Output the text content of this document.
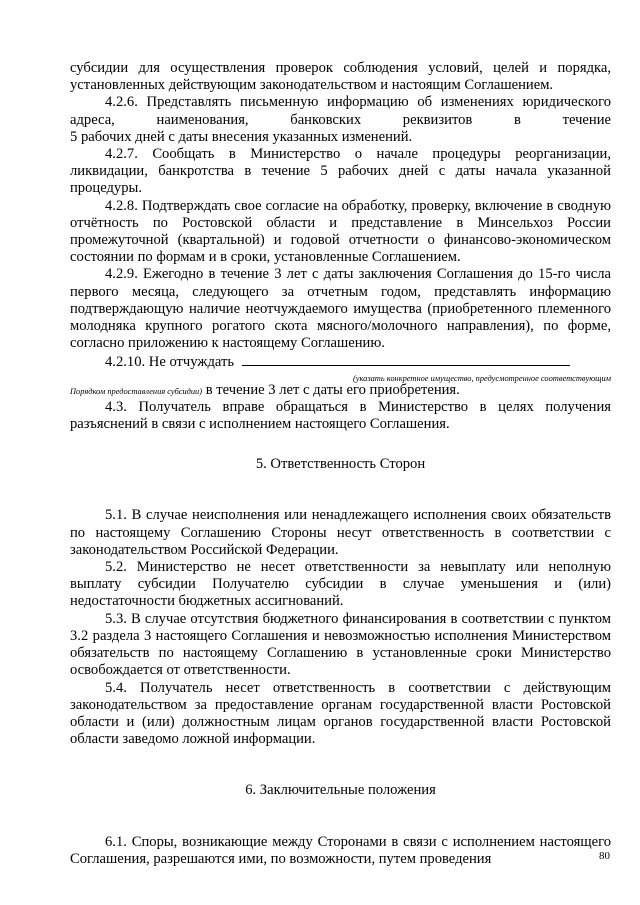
субсидии для осуществления проверок соблюдения условий, целей и порядка, установленных действующим законодательством и настоящим Соглашением.

4.2.6. Представлять письменную информацию об изменениях юридического адреса, наименования, банковских реквизитов в течение

5 рабочих дней с даты внесения указанных изменений.

4.2.7. Сообщать в Министерство о начале процедуры реорганизации, ликвидации, банкротства в течение 5 рабочих дней с даты начала указанной процедуры.

4.2.8. Подтверждать свое согласие на обработку, проверку, включение в сводную отчётность по Ростовской области и представление в Минсельхоз России промежуточной (квартальной) и годовой отчетности о финансово-экономическом состоянии по формам и в сроки, установленные Соглашением.

4.2.9. Ежегодно в течение 3 лет с даты заключения Соглашения до 15-го числа первого месяца, следующего за отчетным годом, представлять информацию подтверждающую наличие неотчуждаемого имущества (приобретенного племенного молодняка крупного рогатого скота мясного/молочного направления), по форме, согласно приложению к настоящему Соглашению.

4.2.10. Не отчуждать

(указать конкретное имущество, предусмотренное соответствующим

Порядком предоставления субсидии) в течение 3 лет с даты его приобретения.

4.3. Получатель вправе обращаться в Министерство в целях получения разъяснений в связи с исполнением настоящего Соглашения.

5. Ответственность Сторон

5.1. В случае неисполнения или ненадлежащего исполнения своих обязательств по настоящему Соглашению Стороны несут ответственность в соответствии с законодательством Российской Федерации.

5.2. Министерство не несет ответственности за невыплату или неполную выплату субсидии Получателю субсидии в случае уменьшения и (или) недостаточности бюджетных ассигнований.

5.3. В случае отсутствия бюджетного финансирования в соответствии с пунктом 3.2 раздела 3 настоящего Соглашения и невозможностью исполнения Министерством обязательств по настоящему Соглашению в установленные сроки Министерство освобождается от ответственности.

5.4. Получатель несет ответственность в соответствии с действующим законодательством за предоставление органам государственной власти Ростовской области и (или) должностным лицам органов государственной власти Ростовской области заведомо ложной информации.

6. Заключительные положения

6.1. Споры, возникающие между Сторонами в связи с исполнением настоящего Соглашения, разрешаются ими, по возможности, путем проведения	80
